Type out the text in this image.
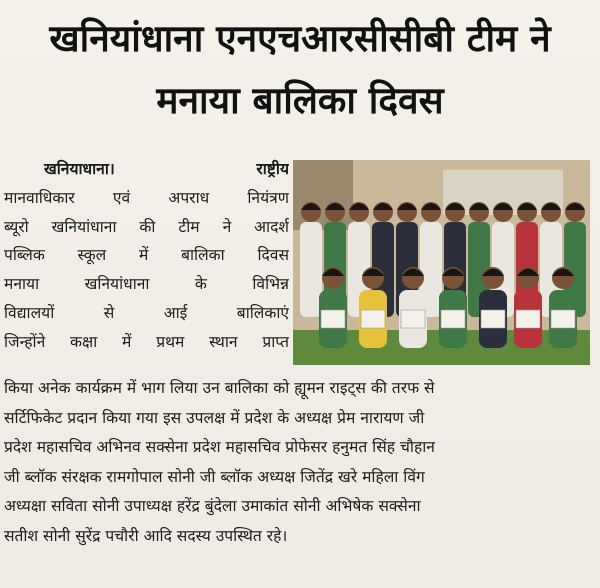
खनियांधाना एनएचआरसीसीबी टीम ने
मनाया बालिका दिवस
खनियाधाना। राष्ट्रीय
मानवाधिकार एवं अपराध नियंत्रण
ब्यूरो खनियांधाना की टीम ने आदर्श
पब्लिक स्कूल में बालिका दिवस
मनाया खनियांधाना के विभिन्न
विद्यालयों से आई बालिकाएं
जिन्होंने कक्षा में प्रथम स्थान प्राप्त
किया अनेक कार्यक्रम में भाग लिया उन बालिका को ह्यूमन राइट्स की तरफ से
सर्टिफिकेट प्रदान किया गया इस उपलक्ष में प्रदेश के अध्यक्ष प्रेम नारायण जी
प्रदेश महासचिव अभिनव सक्सेना प्रदेश महासचिव प्रोफेसर हनुमत सिंह चौहान
जी ब्लॉक संरक्षक रामगोपाल सोनी जी ब्लॉक अध्यक्ष जितेंद्र खरे महिला विंग
अध्यक्षा सविता सोनी उपाध्यक्ष हरेंद्र बुंदेला उमाकांत सोनी अभिषेक सक्सेना
सतीश सोनी सुरेंद्र पचौरी आदि सदस्य उपस्थित रहे।
